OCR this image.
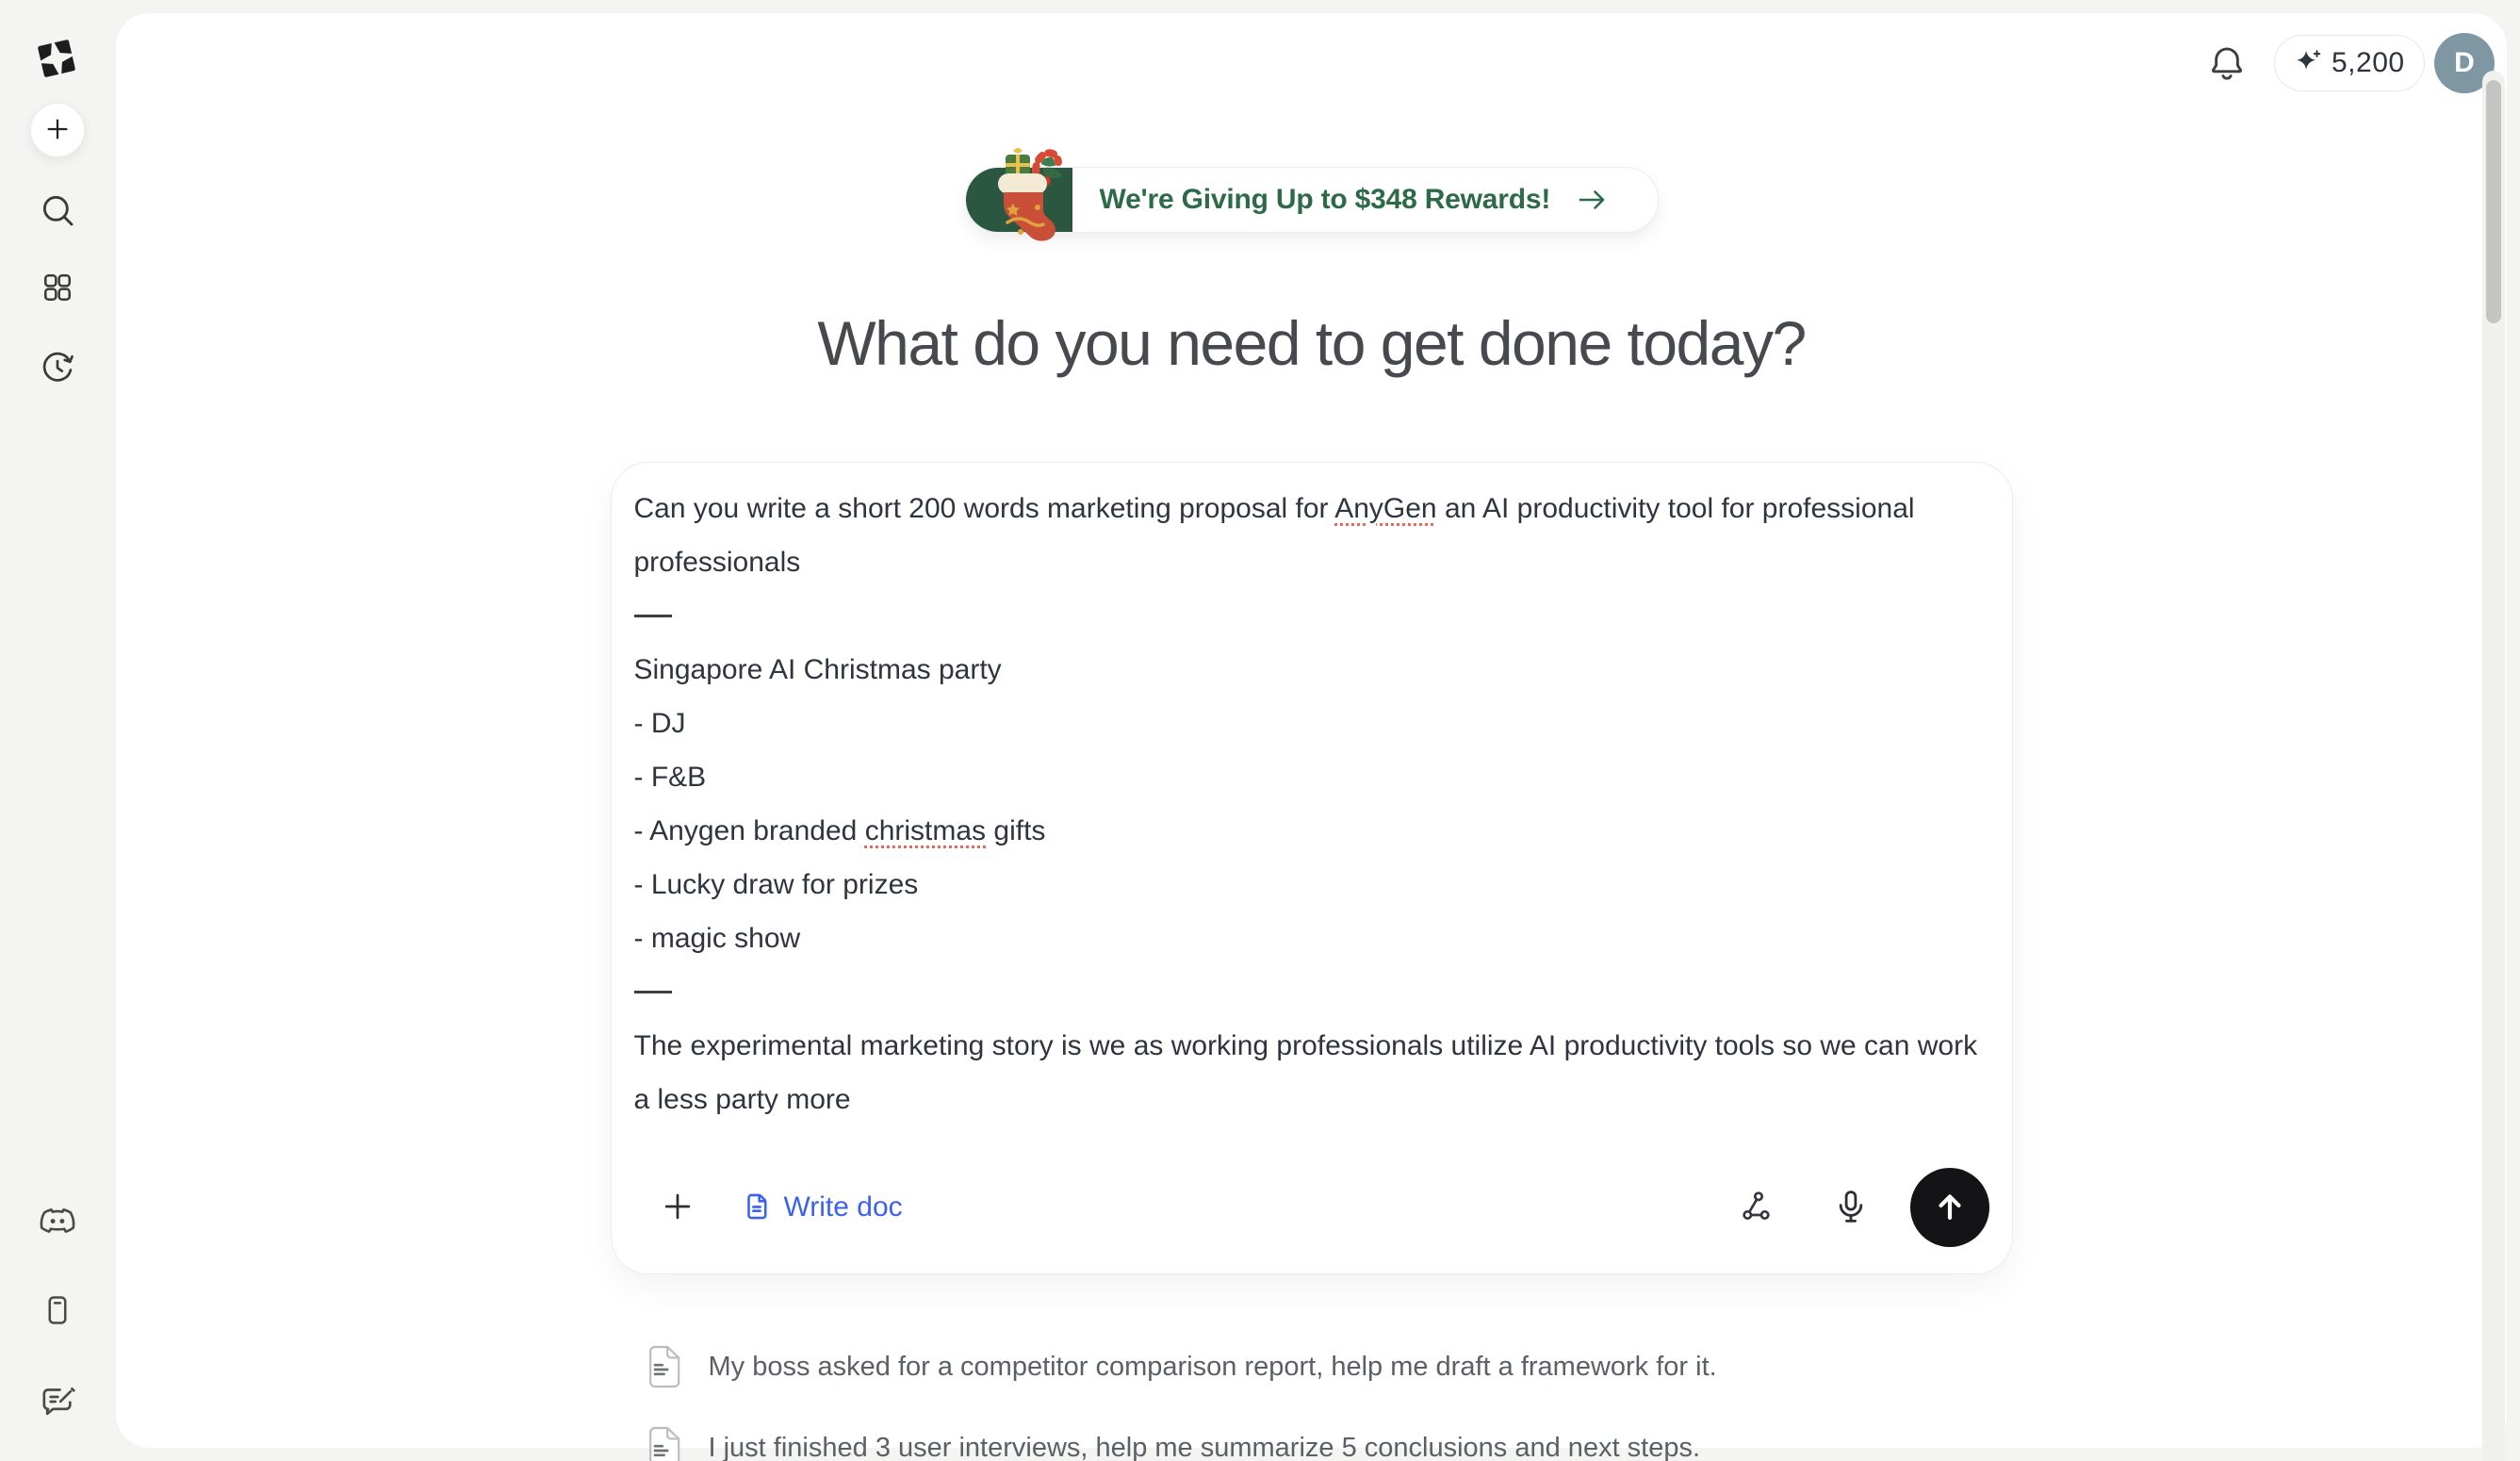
5,200 D
We're Giving Up to $348 Rewards!
What do you need to get done today?
Can you write a short 200 words marketing proposal for AnyGen an AI productivity tool for professional professionals
Singapore AI Christmas party
- DJ
- F&B
- Anygen branded christmas gifts
- Lucky draw for prizes
- magic show
The experimental marketing story is we as working professionals utilize AI productivity tools so we can work a less party more
Write doc
My boss asked for a competitor comparison report, help me draft a framework for it.
I just finished 3 user interviews, help me summarize 5 conclusions and next steps.
